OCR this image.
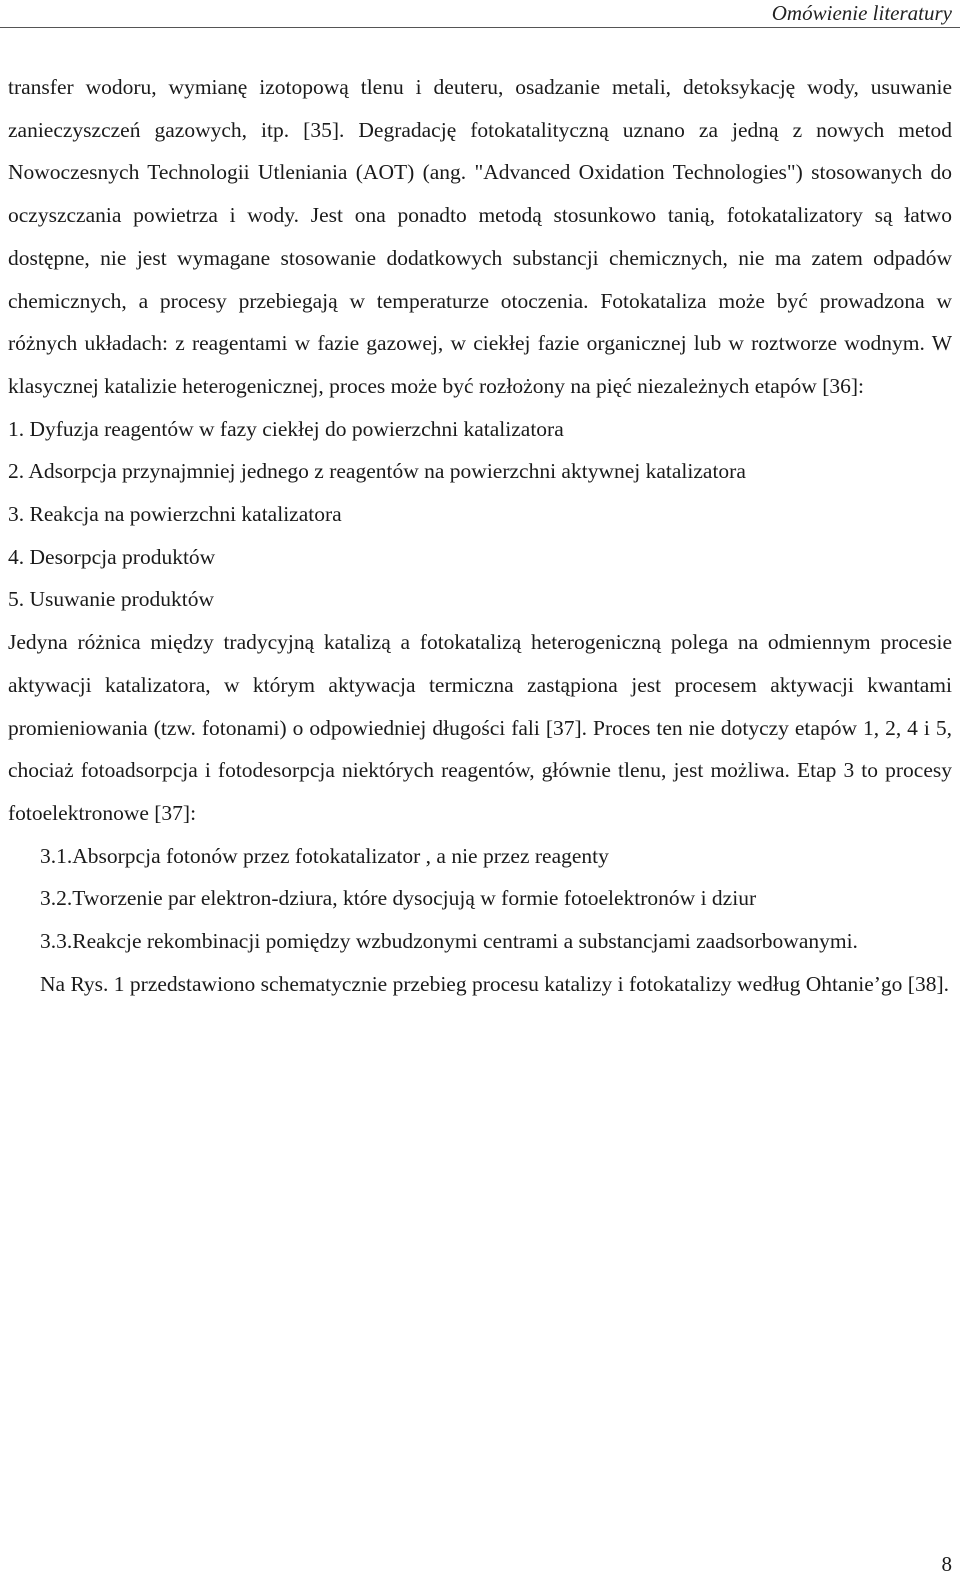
Omówienie literatury

transfer wodoru, wymianę izotopową tlenu i deuteru, osadzanie metali, detoksykację wody, usuwanie zanieczyszczeń gazowych, itp. [35]. Degradację fotokatalityczną uznano za jedną z nowych metod Nowoczesnych Technologii Utleniania (AOT) (ang. "Advanced Oxidation Technologies") stosowanych do oczyszczania powietrza i wody. Jest ona ponadto metodą stosunkowo tanią, fotokatalizatory są łatwo dostępne, nie jest wymagane stosowanie dodatkowych substancji chemicznych, nie ma zatem odpadów chemicznych, a procesy przebiegają w temperaturze otoczenia. Fotokataliza może być prowadzona w różnych układach: z reagentami w fazie gazowej, w ciekłej fazie organicznej lub w roztworze wodnym. W klasycznej katalizie heterogenicznej, proces może być rozłożony na pięć niezależnych etapów [36]:

1. Dyfuzja reagentów w fazy ciekłej do powierzchni katalizatora

2. Adsorpcja przynajmniej jednego z reagentów na powierzchni aktywnej katalizatora

3. Reakcja na powierzchni katalizatora

4. Desorpcja produktów

5. Usuwanie produktów

Jedyna różnica między tradycyjną katalizą a fotokatalizą heterogeniczną polega na odmiennym procesie aktywacji katalizatora, w którym aktywacja termiczna zastąpiona jest procesem aktywacji kwantami promieniowania (tzw. fotonami) o odpowiedniej długości fali [37]. Proces ten nie dotyczy etapów 1, 2, 4 i 5, chociaż fotoadsorpcja i fotodesorpcja niektórych reagentów, głównie tlenu, jest możliwa. Etap 3 to procesy fotoelektronowe [37]:

3.1. Absorpcja fotonów przez fotokatalizator , a nie przez reagenty
3.2. Tworzenie par elektron-dziura, które dysocjują w formie fotoelektronów i dziur

3.3.Reakcje rekombinacji pomiędzy wzbudzonymi centrami a substancjami zaadsorbowanymi.

Na Rys. 1 przedstawiono schematycznie przebieg procesu katalizy i fotokatalizy według Ohtanie’go [38].

8
